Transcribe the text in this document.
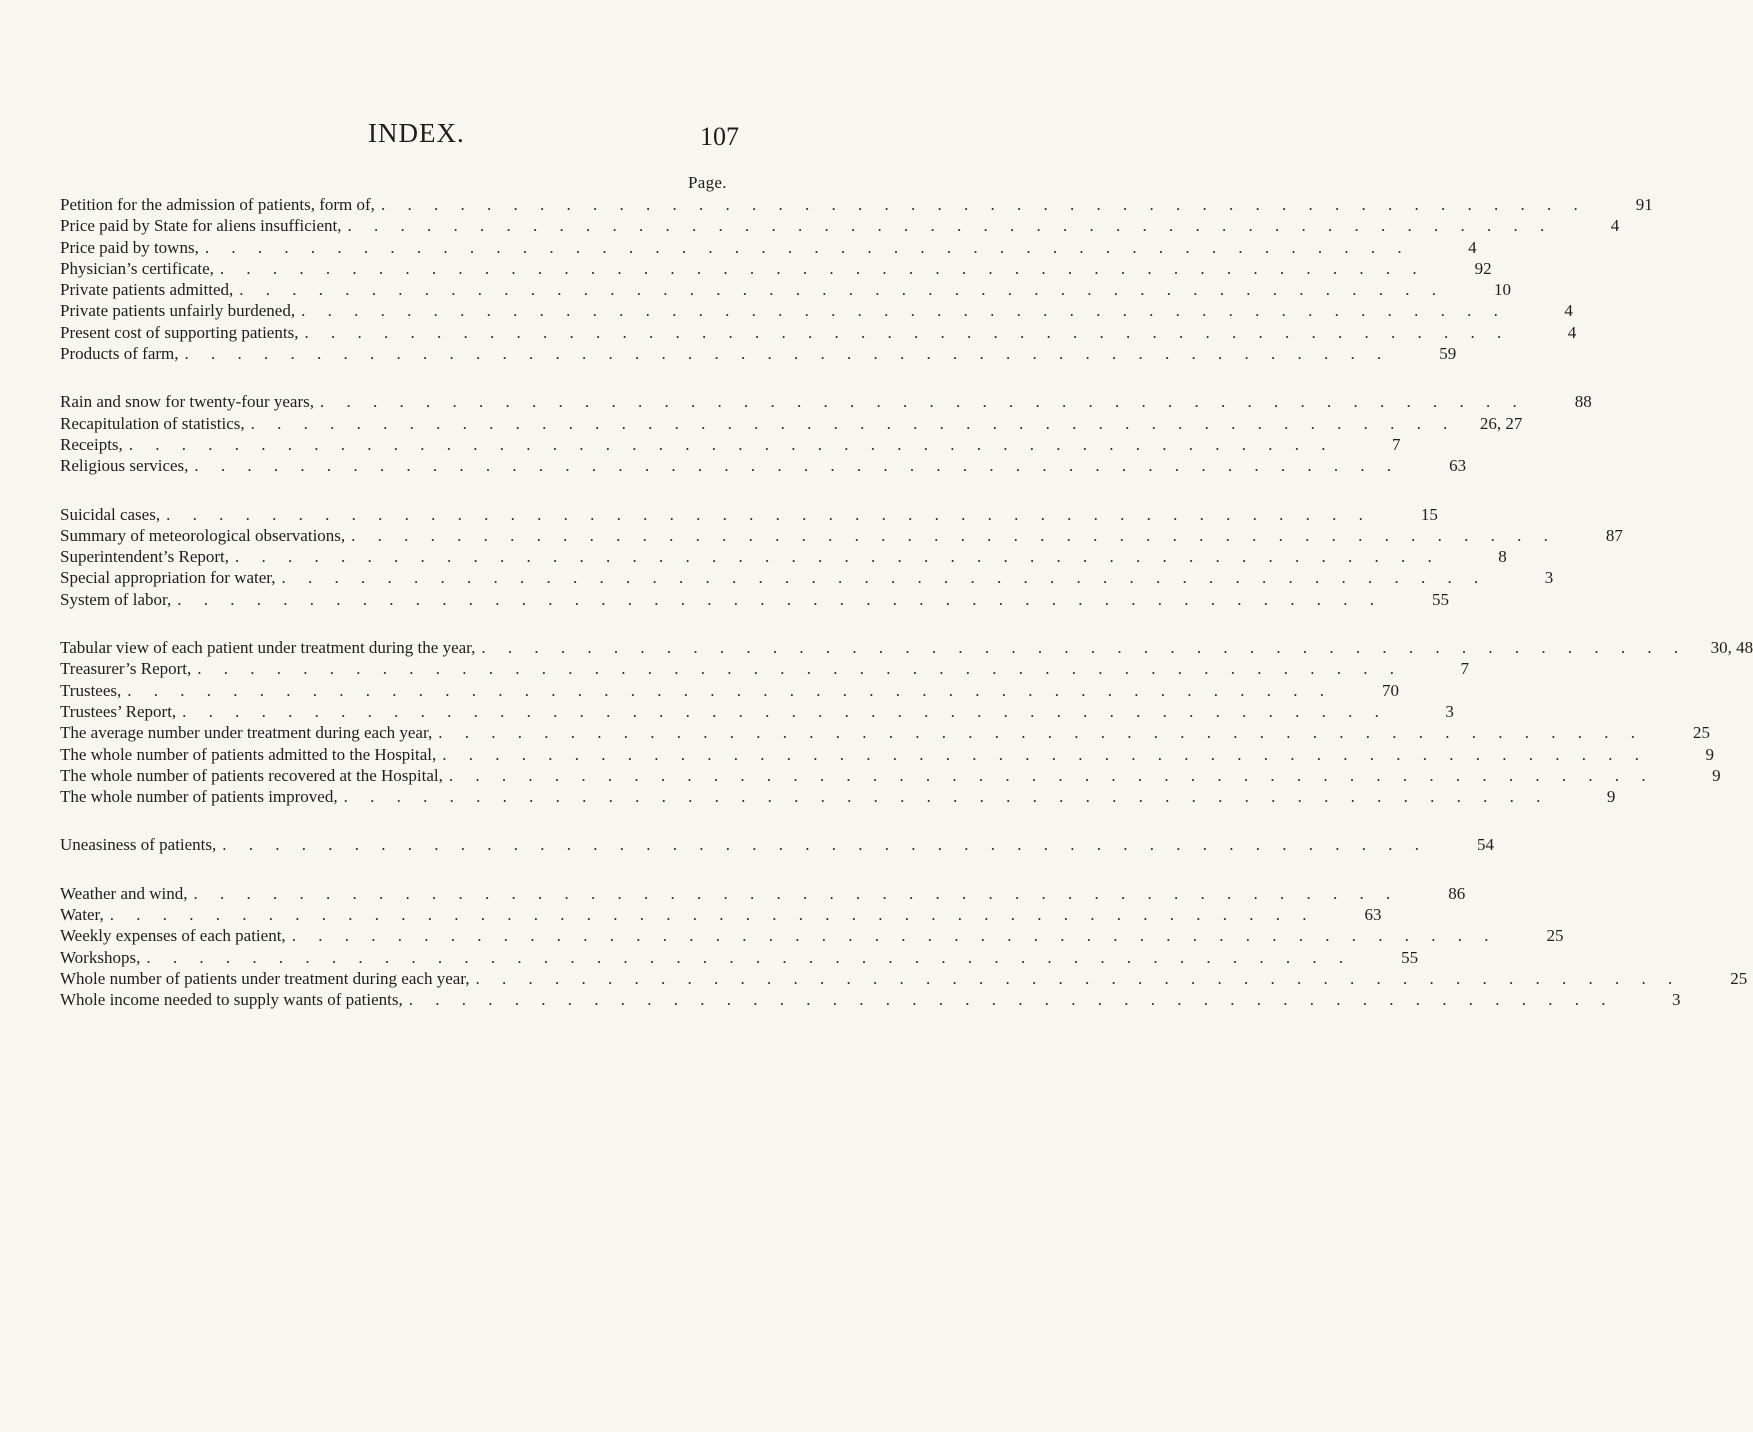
INDEX.	107
Page.
Petition for the admission of patients, form of, . . . . . . . . . . . . . . . . . . . . . . . . . . . . . . . . . . . . . . . . . . . . . .	91
Price paid by State for aliens insufficient, . . . . . . . . . . . . . . . . . . . . . . . . . . . . . . . . . . . . . . . . . . . . . .	4
Price paid by towns, . . . . . . . . . . . . . . . . . . . . . . . . . . . . . . . . . . . . . . . . . . . . . .	4
Physician’s certificate, . . . . . . . . . . . . . . . . . . . . . . . . . . . . . . . . . . . . . . . . . . . . . .	92
Private patients admitted, . . . . . . . . . . . . . . . . . . . . . . . . . . . . . . . . . . . . . . . . . . . . . .	10
Private patients unfairly burdened, . . . . . . . . . . . . . . . . . . . . . . . . . . . . . . . . . . . . . . . . . . . . . .	4
Present cost of supporting patients, . . . . . . . . . . . . . . . . . . . . . . . . . . . . . . . . . . . . . . . . . . . . . .	4
Products of farm, . . . . . . . . . . . . . . . . . . . . . . . . . . . . . . . . . . . . . . . . . . . . . .	59
Rain and snow for twenty-four years, . . . . . . . . . . . . . . . . . . . . . . . . . . . . . . . . . . . . . . . . . . . . . .	88
Recapitulation of statistics, . . . . . . . . . . . . . . . . . . . . . . . . . . . . . . . . . . . . . . . . . . . . . .	26, 27
Receipts, . . . . . . . . . . . . . . . . . . . . . . . . . . . . . . . . . . . . . . . . . . . . . .	7
Religious services, . . . . . . . . . . . . . . . . . . . . . . . . . . . . . . . . . . . . . . . . . . . . . .	63
Suicidal cases, . . . . . . . . . . . . . . . . . . . . . . . . . . . . . . . . . . . . . . . . . . . . . .	15
Summary of meteorological observations, . . . . . . . . . . . . . . . . . . . . . . . . . . . . . . . . . . . . . . . . . . . . . .	87
Superintendent’s Report, . . . . . . . . . . . . . . . . . . . . . . . . . . . . . . . . . . . . . . . . . . . . . .	8
Special appropriation for water, . . . . . . . . . . . . . . . . . . . . . . . . . . . . . . . . . . . . . . . . . . . . . .	3
System of labor, . . . . . . . . . . . . . . . . . . . . . . . . . . . . . . . . . . . . . . . . . . . . . .	55
Tabular view of each patient under treatment during the year, . . . . . . . . . . . . . . . . . . . . . . . . . . . . . . . . . . . . . . . . . . . . . .	30, 48
Treasurer’s Report, . . . . . . . . . . . . . . . . . . . . . . . . . . . . . . . . . . . . . . . . . . . . . .	7
Trustees, . . . . . . . . . . . . . . . . . . . . . . . . . . . . . . . . . . . . . . . . . . . . . .	70
Trustees’ Report, . . . . . . . . . . . . . . . . . . . . . . . . . . . . . . . . . . . . . . . . . . . . . .	3
The average number under treatment during each year, . . . . . . . . . . . . . . . . . . . . . . . . . . . . . . . . . . . . . . . . . . . . . .	25
The whole number of patients admitted to the Hospital, . . . . . . . . . . . . . . . . . . . . . . . . . . . . . . . . . . . . . . . . . . . . . .	9
The whole number of patients recovered at the Hospital, . . . . . . . . . . . . . . . . . . . . . . . . . . . . . . . . . . . . . . . . . . . . . .	9
The whole number of patients improved, . . . . . . . . . . . . . . . . . . . . . . . . . . . . . . . . . . . . . . . . . . . . . .	9
Uneasiness of patients, . . . . . . . . . . . . . . . . . . . . . . . . . . . . . . . . . . . . . . . . . . . . . .	54
Weather and wind, . . . . . . . . . . . . . . . . . . . . . . . . . . . . . . . . . . . . . . . . . . . . . .	86
Water, . . . . . . . . . . . . . . . . . . . . . . . . . . . . . . . . . . . . . . . . . . . . . .	63
Weekly expenses of each patient, . . . . . . . . . . . . . . . . . . . . . . . . . . . . . . . . . . . . . . . . . . . . . .	25
Workshops, . . . . . . . . . . . . . . . . . . . . . . . . . . . . . . . . . . . . . . . . . . . . . .	55
Whole number of patients under treatment during each year, . . . . . . . . . . . . . . . . . . . . . . . . . . . . . . . . . . . . . . . . . . . . . .	25
Whole income needed to supply wants of patients, . . . . . . . . . . . . . . . . . . . . . . . . . . . . . . . . . . . . . . . . . . . . . .	3
